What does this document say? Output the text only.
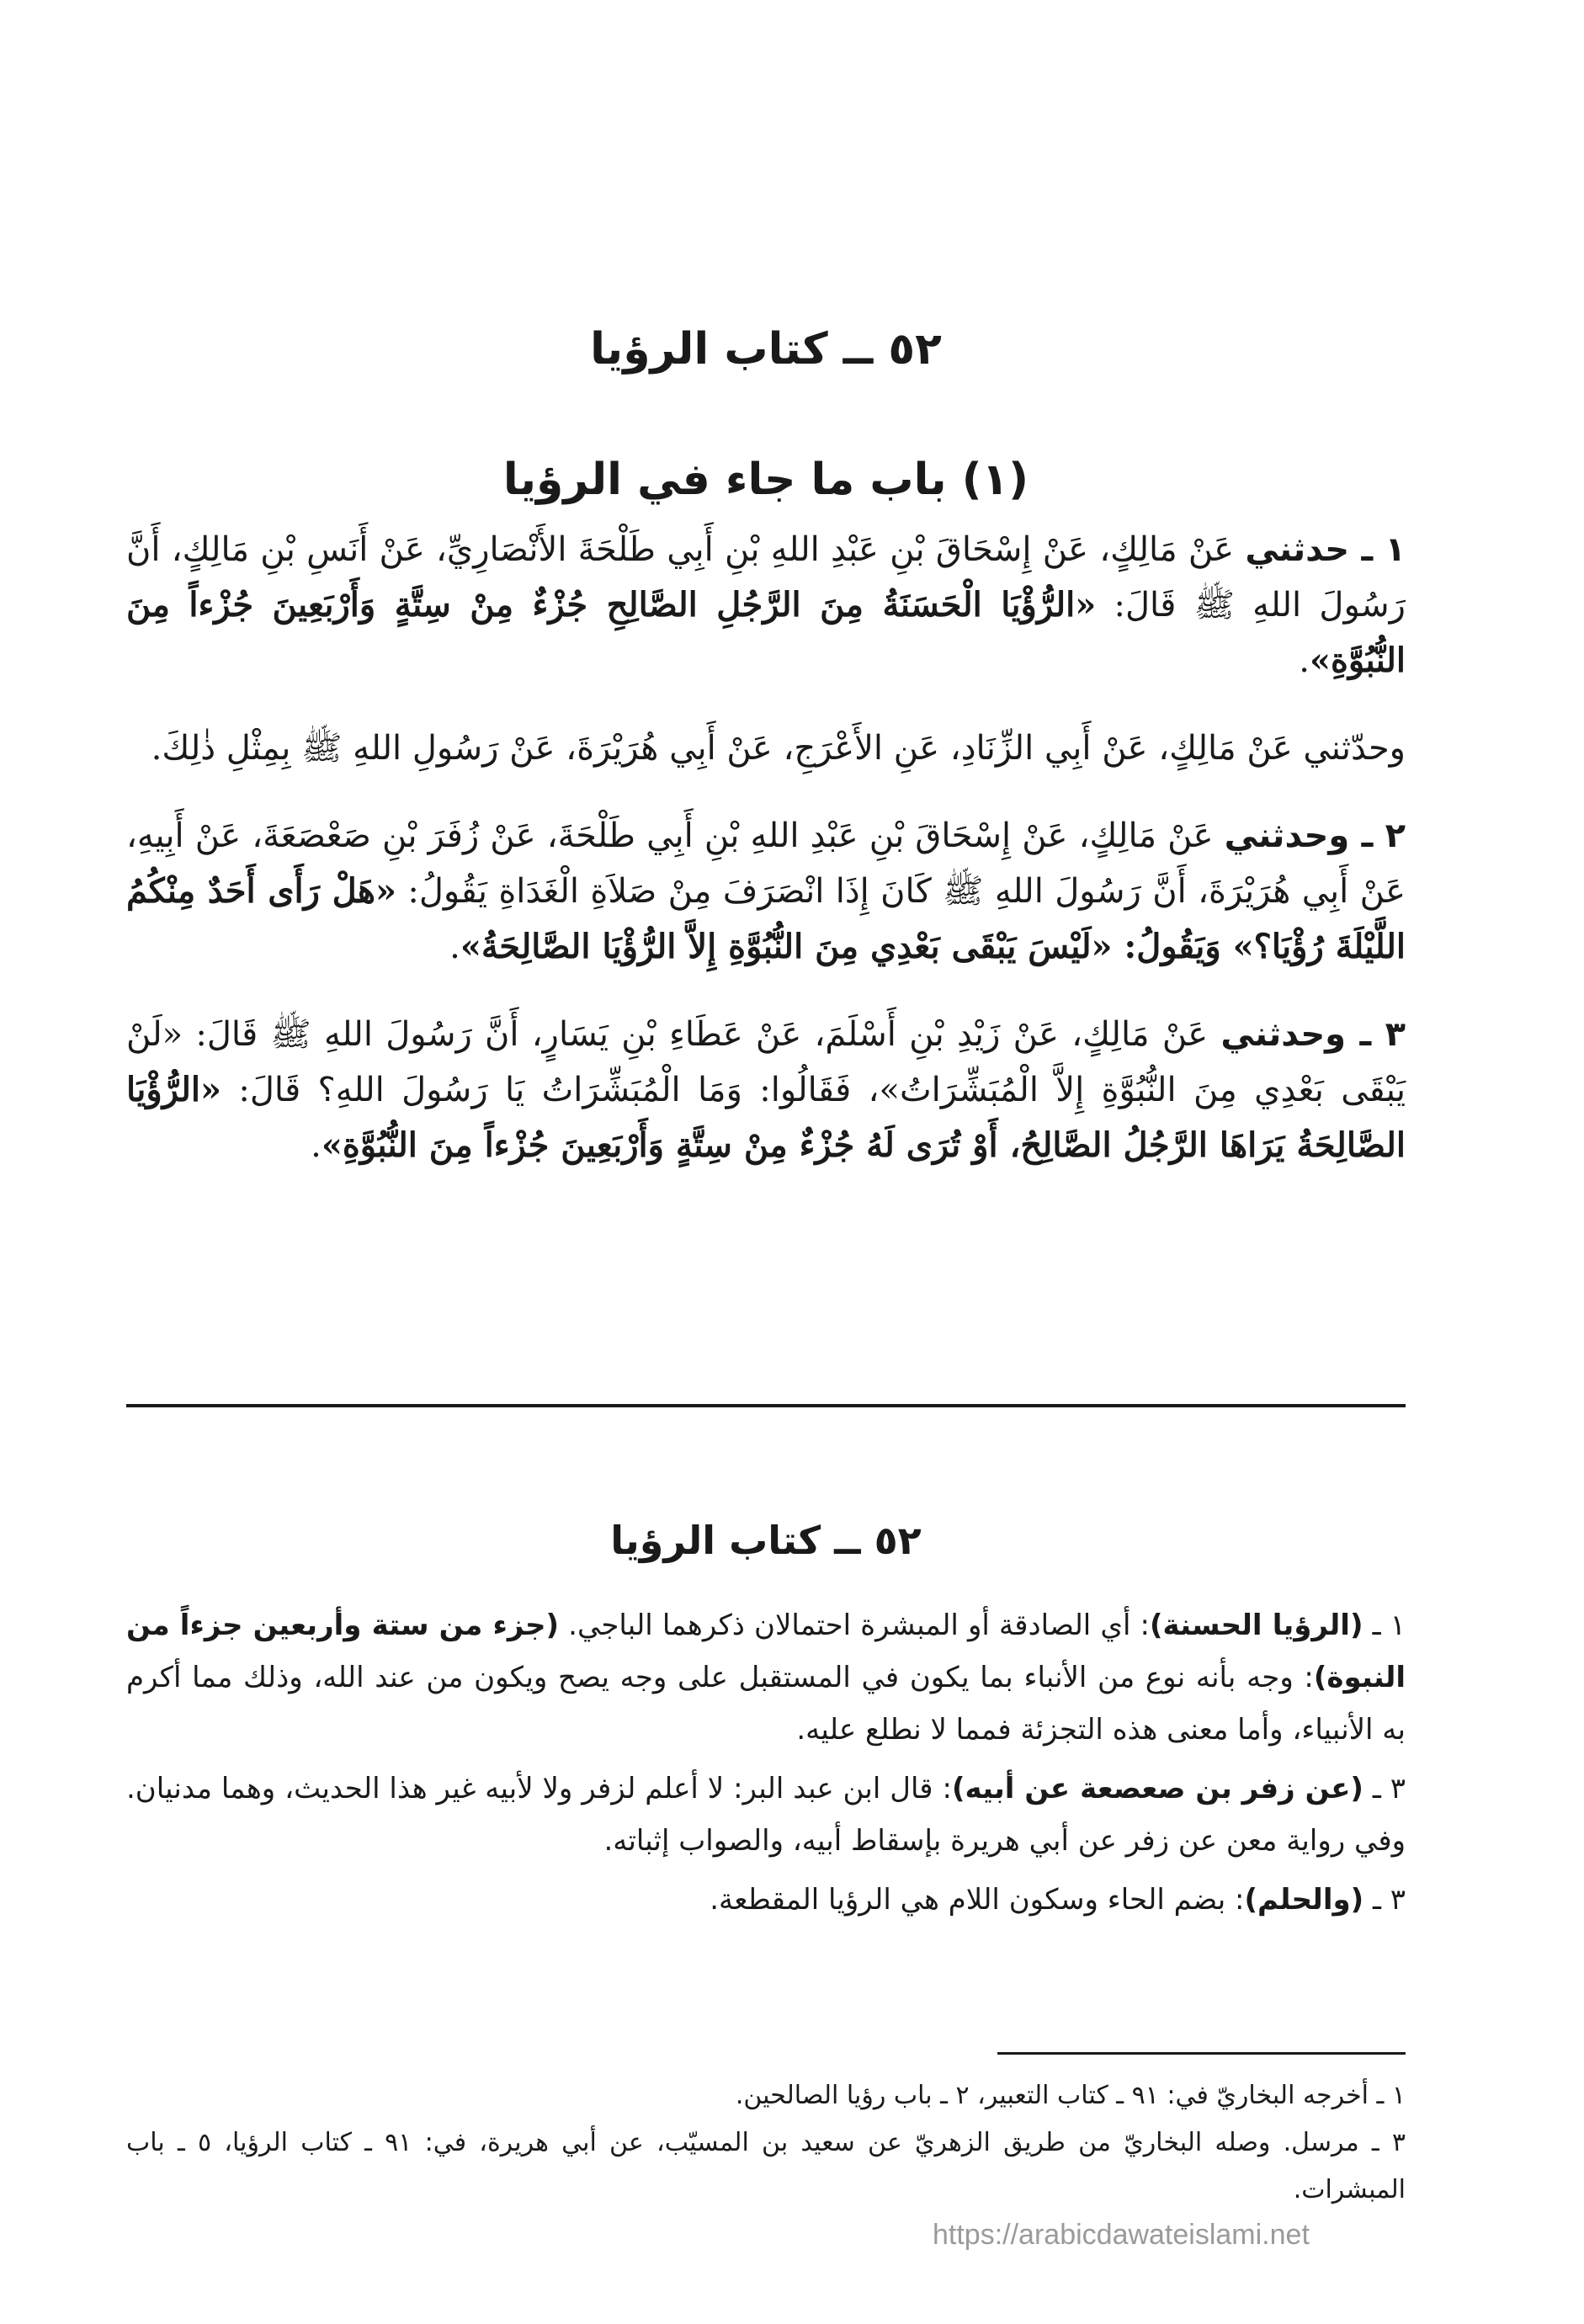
٥٢ ــ كتاب الرؤيا
(١) باب ما جاء في الرؤيا

١ ـ حدثني عَنْ مَالِكٍ، عَنْ إِسْحَاقَ بْنِ عَبْدِ اللهِ بْنِ أَبِي طَلْحَةَ الأَنْصَارِيِّ، عَنْ أَنَسِ بْنِ مَالِكٍ، أَنَّ رَسُولَ اللهِ ﷺ قَالَ: «الرُّؤْيَا الْحَسَنَةُ مِنَ الرَّجُلِ الصَّالِحِ جُزْءٌ مِنْ سِتَّةٍ وَأَرْبَعِينَ جُزْءاً مِنَ النُّبُوَّةِ».

وحدّثني عَنْ مَالِكٍ، عَنْ أَبِي الزِّنَادِ، عَنِ الأَعْرَجِ، عَنْ أَبِي هُرَيْرَةَ، عَنْ رَسُولِ اللهِ ﷺ بِمِثْلِ ذٰلِكَ.

٢ ـ وحدثني عَنْ مَالِكٍ، عَنْ إِسْحَاقَ بْنِ عَبْدِ اللهِ بْنِ أَبِي طَلْحَةَ، عَنْ زُفَرَ بْنِ صَعْصَعَةَ، عَنْ أَبِيهِ، عَنْ أَبِي هُرَيْرَةَ، أَنَّ رَسُولَ اللهِ ﷺ كَانَ إِذَا انْصَرَفَ مِنْ صَلاَةِ الْغَدَاةِ يَقُولُ: «هَلْ رَأَى أَحَدٌ مِنْكُمُ اللَّيْلَةَ رُؤْيَا؟» وَيَقُولُ: «لَيْسَ يَبْقَى بَعْدِي مِنَ النُّبُوَّةِ إِلاَّ الرُّؤْيَا الصَّالِحَةُ».

٣ ـ وحدثني عَنْ مَالِكٍ، عَنْ زَيْدِ بْنِ أَسْلَمَ، عَنْ عَطَاءِ بْنِ يَسَارٍ، أَنَّ رَسُولَ اللهِ ﷺ قَالَ: «لَنْ يَبْقَى بَعْدِي مِنَ النُّبُوَّةِ إِلاَّ الْمُبَشِّرَاتُ»، فَقَالُوا: وَمَا الْمُبَشِّرَاتُ يَا رَسُولَ اللهِ؟ قَالَ: «الرُّؤْيَا الصَّالِحَةُ يَرَاهَا الرَّجُلُ الصَّالِحُ، أَوْ تُرَى لَهُ جُزْءٌ مِنْ سِتَّةٍ وَأَرْبَعِينَ جُزْءاً مِنَ النُّبُوَّةِ».

٥٢ ــ كتاب الرؤيا

١ ـ (الرؤيا الحسنة): أي الصادقة أو المبشرة احتمالان ذكرهما الباجي. (جزء من ستة وأربعين جزءاً من النبوة): وجه بأنه نوع من الأنباء بما يكون في المستقبل على وجه يصح ويكون من عند الله، وذلك مما أكرم به الأنبياء، وأما معنى هذه التجزئة فمما لا نطلع عليه.

٣ ـ (عن زفر بن صعصعة عن أبيه): قال ابن عبد البر: لا أعلم لزفر ولا لأبيه غير هذا الحديث، وهما مدنيان. وفي رواية معن عن زفر عن أبي هريرة بإسقاط أبيه، والصواب إثباته.

٣ ـ (والحلم): بضم الحاء وسكون اللام هي الرؤيا المقطعة.

١ ـ أخرجه البخاريّ في: ٩١ ـ كتاب التعبير، ٢ ـ باب رؤيا الصالحين.

٣ ـ مرسل. وصله البخاريّ من طريق الزهريّ عن سعيد بن المسيّب، عن أبي هريرة، في: ٩١ ـ كتاب الرؤيا، ٥ ـ باب المبشرات.

https://arabicdawateislami.net
